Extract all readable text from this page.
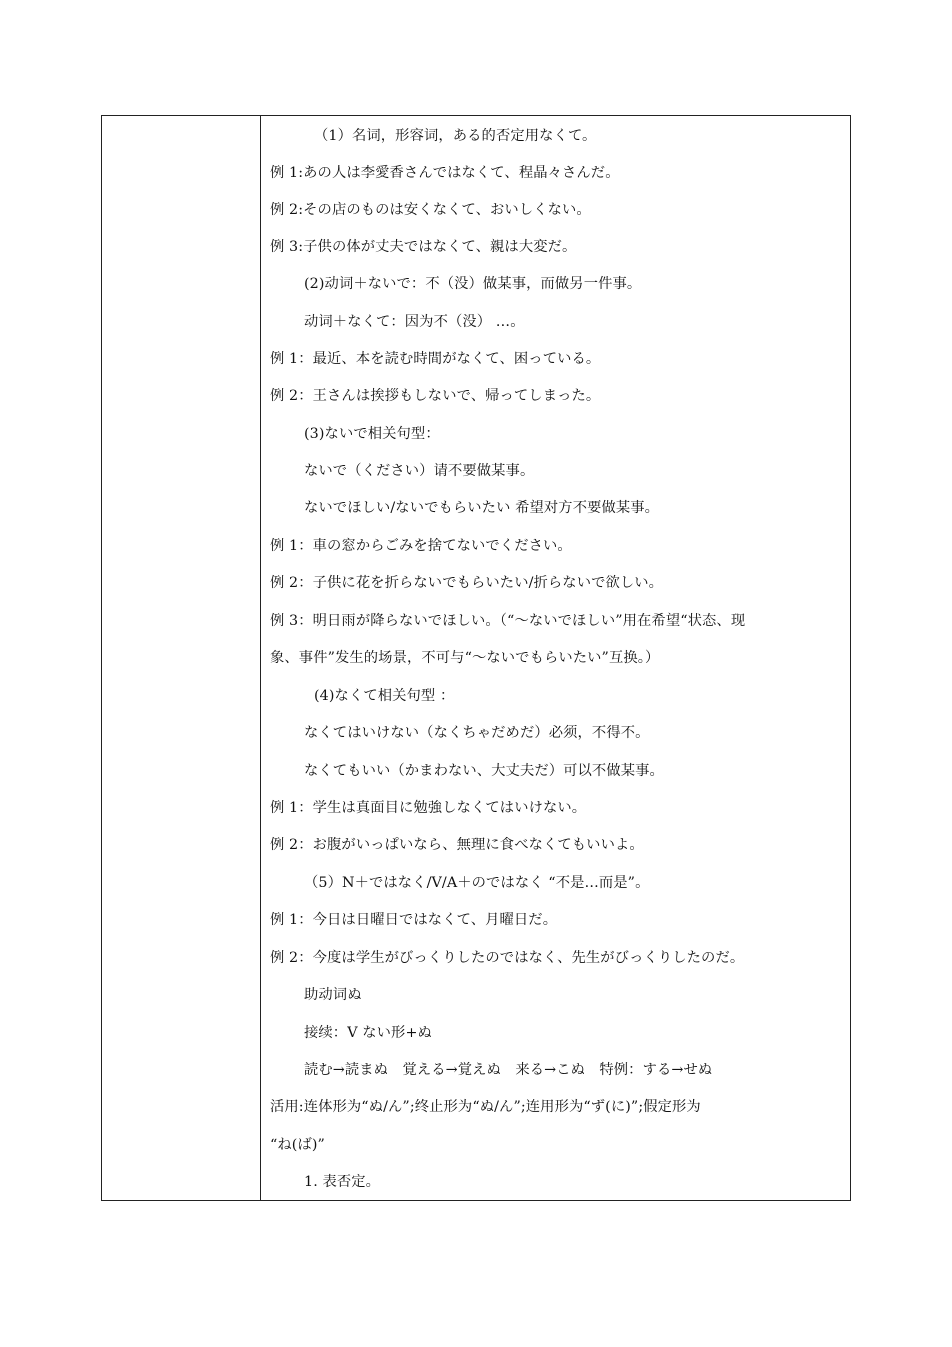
（1）名词，形容词，ある的否定用なくて。
例 1:あの人は李愛香さんではなくて、程晶々さんだ。
例 2:その店のものは安くなくて、おいしくない。
例 3:子供の体が丈夫ではなくて、親は大変だ。
(2)动词＋ないで：不（没）做某事，而做另一件事。
动词＋なくて：因为不（没） …。
例 1：最近、本を読む時間がなくて、困っている。
例 2：王さんは挨拶もしないで、帰ってしまった。
(3)ないで相关句型：
ないで（ください）请不要做某事。
ないでほしい/ないでもらいたい 希望对方不要做某事。
例 1：車の窓からごみを捨てないでください。
例 2：子供に花を折らないでもらいたい/折らないで欲しい。
例 3：明日雨が降らないでほしい。（“～ないでほしい”用在希望“状态、现
象、事件”发生的场景，不可与“～ないでもらいたい”互换。）
(4)なくて相关句型 ：
なくてはいけない（なくちゃだめだ）必须，不得不。
なくてもいい（かまわない、大丈夫だ）可以不做某事。
例 1：学生は真面目に勉強しなくてはいけない。
例 2：お腹がいっぱいなら、無理に食べなくてもいいよ。
（5）N＋ではなく/V/A＋のではなく “不是…而是”。
例 1：今日は日曜日ではなくて、月曜日だ。
例 2：今度は学生がびっくりしたのではなく、先生がびっくりしたのだ。
助动词ぬ
接续：V ない形+ぬ
読む→読まぬ　覚える→覚えぬ　来る→こぬ　特例：する→せぬ
活用:连体形为“ぬ/ん”;终止形为“ぬ/ん”;连用形为“ず(に)”;假定形为
“ね(ば)”
1. 表否定。
